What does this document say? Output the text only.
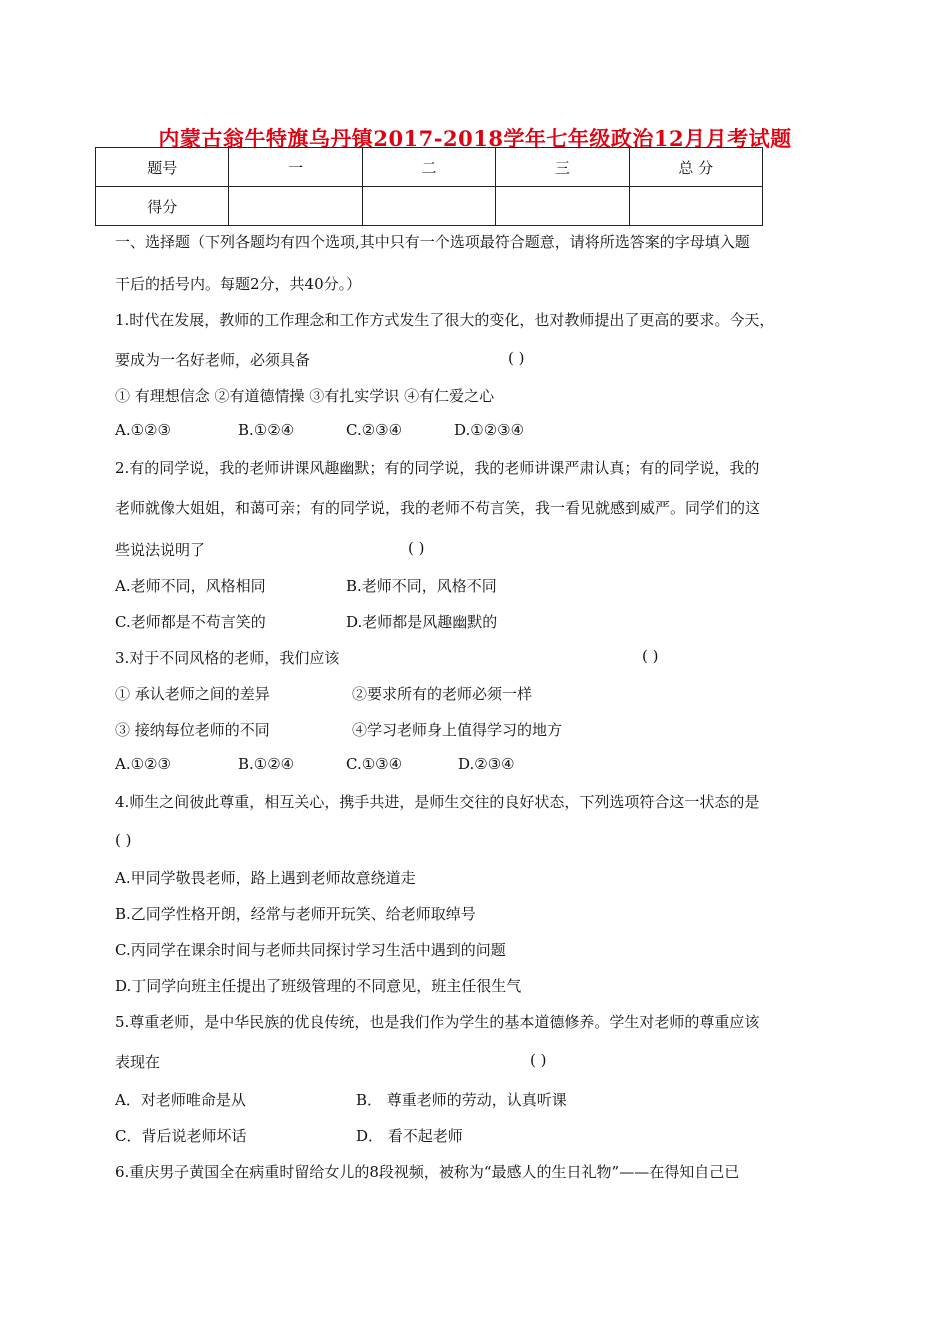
内蒙古翁牛特旗乌丹镇2017-2018学年七年级政治12月月考试题
题号	一	二	三	总 分
得分				
一、选择题（下列各题均有四个选项,其中只有一个选项最符合题意，请将所选答案的字母填入题
干后的括号内。每题2分，共40分。）
1.时代在发展，教师的工作理念和工作方式发生了很大的变化，也对教师提出了更高的要求。今天，
要成为一名好老师，必须具备	( )
① 有理想信念 ②有道德情操 ③有扎实学识 ④有仁爱之心
A.①②③	B.①②④	C.②③④	D.①②③④
2.有的同学说，我的老师讲课风趣幽默；有的同学说，我的老师讲课严肃认真；有的同学说，我的
老师就像大姐姐，和蔼可亲；有的同学说，我的老师不苟言笑，我一看见就感到威严。同学们的这
些说法说明了	( )
A.老师不同，风格相同	B.老师不同，风格不同
C.老师都是不苟言笑的	D.老师都是风趣幽默的
3.对于不同风格的老师，我们应该	( )
① 承认老师之间的差异	②要求所有的老师必须一样
③ 接纳每位老师的不同	④学习老师身上值得学习的地方
A.①②③	B.①②④	C.①③④	D.②③④
4.师生之间彼此尊重，相互关心，携手共进，是师生交往的良好状态，下列选项符合这一状态的是
( )
A.甲同学敬畏老师，路上遇到老师故意绕道走
B.乙同学性格开朗，经常与老师开玩笑、给老师取绰号
C.丙同学在课余时间与老师共同探讨学习生活中遇到的问题
D.丁同学向班主任提出了班级管理的不同意见，班主任很生气
5.尊重老师，是中华民族的优良传统，也是我们作为学生的基本道德修养。学生对老师的尊重应该
表现在	( )
A．对老师唯命是从	B． 尊重老师的劳动，认真听课
C．背后说老师坏话	D． 看不起老师
6.重庆男子黄国全在病重时留给女儿的8段视频，被称为“最感人的生日礼物”——在得知自己已
